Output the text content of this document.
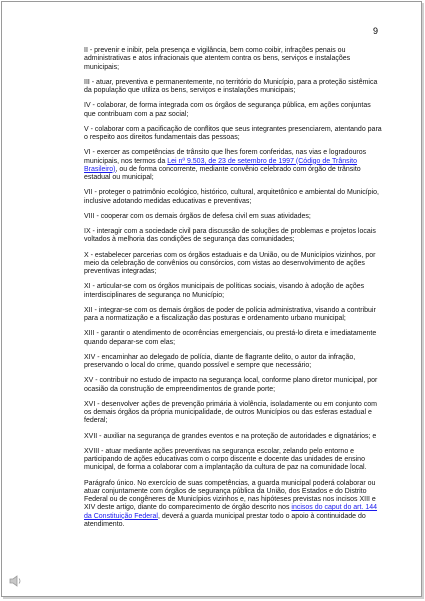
9

II - prevenir e inibir, pela presença e vigilância, bem como coibir, infrações penais ou administrativas e atos infracionais que atentem contra os bens, serviços e instalações municipais;

III - atuar, preventiva e permanentemente, no território do Município, para a proteção sistêmica da população que utiliza os bens, serviços e instalações municipais;

IV - colaborar, de forma integrada com os órgãos de segurança pública, em ações conjuntas que contribuam com a paz social;

V - colaborar com a pacificação de conflitos que seus integrantes presenciarem, atentando para o respeito aos direitos fundamentais das pessoas;

VI - exercer as competências de trânsito que lhes forem conferidas, nas vias e logradouros municipais, nos termos da Lei nº 9.503, de 23 de setembro de 1997 (Código de Trânsito Brasileiro), ou de forma concorrente, mediante convênio celebrado com órgão de trânsito estadual ou municipal;

VII - proteger o patrimônio ecológico, histórico, cultural, arquitetônico e ambiental do Município, inclusive adotando medidas educativas e preventivas;

VIII - cooperar com os demais órgãos de defesa civil em suas atividades;

IX - interagir com a sociedade civil para discussão de soluções de problemas e projetos locais voltados à melhoria das condições de segurança das comunidades;

X - estabelecer parcerias com os órgãos estaduais e da União, ou de Municípios vizinhos, por meio da celebração de convênios ou consórcios, com vistas ao desenvolvimento de ações preventivas integradas;

XI - articular-se com os órgãos municipais de políticas sociais, visando à adoção de ações interdisciplinares de segurança no Município;

XII - integrar-se com os demais órgãos de poder de polícia administrativa, visando a contribuir para a normatização e a fiscalização das posturas e ordenamento urbano municipal;

XIII - garantir o atendimento de ocorrências emergenciais, ou prestá-lo direta e imediatamente quando deparar-se com elas;

XIV - encaminhar ao delegado de polícia, diante de flagrante delito, o autor da infração, preservando o local do crime, quando possível e sempre que necessário;

XV - contribuir no estudo de impacto na segurança local, conforme plano diretor municipal, por ocasião da construção de empreendimentos de grande porte;

XVI - desenvolver ações de prevenção primária à violência, isoladamente ou em conjunto com os demais órgãos da própria municipalidade, de outros Municípios ou das esferas estadual e federal;

XVII - auxiliar na segurança de grandes eventos e na proteção de autoridades e dignatários; e

XVIII - atuar mediante ações preventivas na segurança escolar, zelando pelo entorno e participando de ações educativas com o corpo discente e docente das unidades de ensino municipal, de forma a colaborar com a implantação da cultura de paz na comunidade local.

Parágrafo único. No exercício de suas competências, a guarda municipal poderá colaborar ou atuar conjuntamente com órgãos de segurança pública da União, dos Estados e do Distrito Federal ou de congêneres de Municípios vizinhos e, nas hipóteses previstas nos incisos XIII e XIV deste artigo, diante do comparecimento de órgão descrito nos incisos do caput do art. 144 da Constituição Federal, deverá a guarda municipal prestar todo o apoio à continuidade do atendimento.
